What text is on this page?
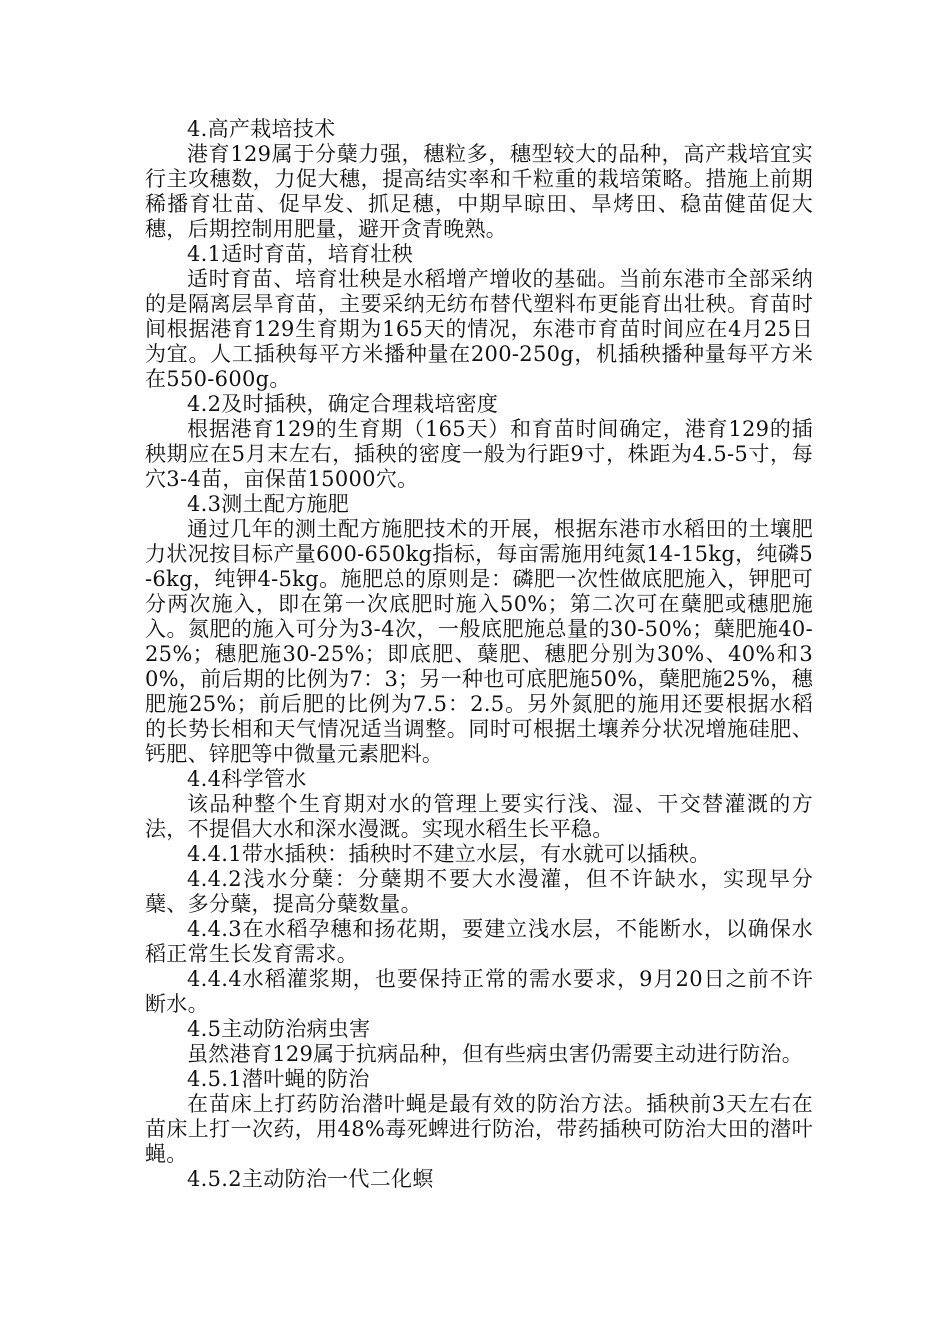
4.高产栽培技术

港育129属于分蘖力强，穗粒多，穗型较大的品种，高产栽培宜实行主攻穗数，力促大穗，提高结实率和千粒重的栽培策略。措施上前期稀播育壮苗、促早发、抓足穗，中期早晾田、旱烤田、稳苗健苗促大穗，后期控制用肥量，避开贪青晚熟。

4.1适时育苗，培育壮秧

适时育苗、培育壮秧是水稻增产增收的基础。当前东港市全部采纳的是隔离层旱育苗，主要采纳无纺布替代塑料布更能育出壮秧。育苗时间根据港育129生育期为165天的情况，东港市育苗时间应在4月25日为宜。人工插秧每平方米播种量在200-250g，机插秧播种量每平方米在550-600g。

4.2及时插秧，确定合理栽培密度

根据港育129的生育期（165天）和育苗时间确定，港育129的插秧期应在5月末左右，插秧的密度一般为行距9寸，株距为4.5-5寸，每穴3-4苗，亩保苗15000穴。

4.3测土配方施肥

通过几年的测土配方施肥技术的开展，根据东港市水稻田的土壤肥力状况按目标产量600-650kg指标，每亩需施用纯氮14-15kg，纯磷5-6kg，纯钾4-5kg。施肥总的原则是：磷肥一次性做底肥施入，钾肥可分两次施入，即在第一次底肥时施入50%；第二次可在蘖肥或穗肥施入。氮肥的施入可分为3-4次，一般底肥施总量的30-50%；蘖肥施40-25%；穗肥施30-25%；即底肥、蘖肥、穗肥分别为30%、40%和30%，前后期的比例为7：3；另一种也可底肥施50%，蘖肥施25%，穗肥施25%；前后肥的比例为7.5：2.5。另外氮肥的施用还要根据水稻的长势长相和天气情况适当调整。同时可根据土壤养分状况增施硅肥、钙肥、锌肥等中微量元素肥料。

4.4科学管水

该品种整个生育期对水的管理上要实行浅、湿、干交替灌溉的方法，不提倡大水和深水漫溉。实现水稻生长平稳。

4.4.1带水插秧：插秧时不建立水层，有水就可以插秧。

4.4.2浅水分蘖：分蘖期不要大水漫灌，但不许缺水，实现早分蘖、多分蘖，提高分蘖数量。

4.4.3在水稻孕穗和扬花期，要建立浅水层，不能断水，以确保水稻正常生长发育需求。

4.4.4水稻灌浆期，也要保持正常的需水要求，9月20日之前不许断水。

4.5主动防治病虫害

虽然港育129属于抗病品种，但有些病虫害仍需要主动进行防治。

4.5.1潜叶蝇的防治

在苗床上打药防治潜叶蝇是最有效的防治方法。插秧前3天左右在苗床上打一次药，用48%毒死蜱进行防治，带药插秧可防治大田的潜叶蝇。

4.5.2主动防治一代二化螟
